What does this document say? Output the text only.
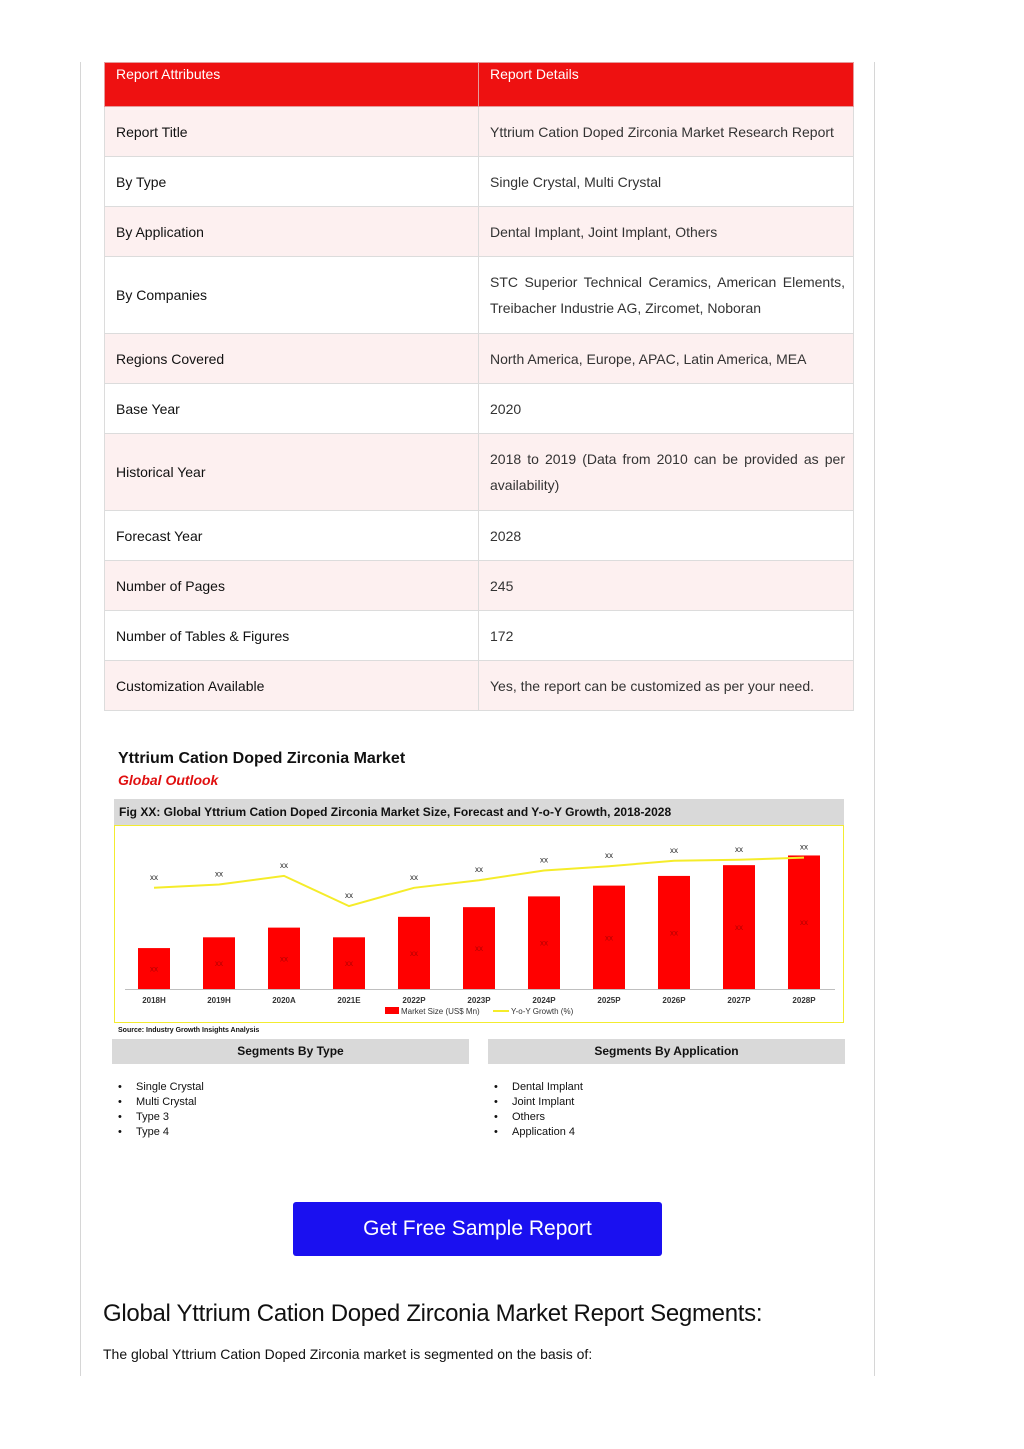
Report Attributes	Report Details
Report Title	Yttrium Cation Doped Zirconia Market Research Report
By Type	Single Crystal, Multi Crystal
By Application	Dental Implant, Joint Implant, Others
By Companies	STC Superior Technical Ceramics, American Elements, Treibacher Industrie AG, Zircomet, Noboran
Regions Covered	North America, Europe, APAC, Latin America, MEA
Base Year	2020
Historical Year	2018 to 2019 (Data from 2010 can be provided as per availability)
Forecast Year	2028
Number of Pages	245
Number of Tables & Figures	172
Customization Available	Yes, the report can be customized as per your need.
Yttrium Cation Doped Zirconia Market
Global Outlook
Fig XX: Global Yttrium Cation Doped Zirconia Market Size, Forecast and Y-o-Y Growth, 2018-2028
xx
2018H
xx
2019H
xx
2020A
xx
2021E
xx
2022P
xx
2023P
xx
2024P
xx
2025P
xx
2026P
xx
2027P
xx
2028P
xx	xx
xx
xx
xx
xx
xx	xx
xx	xx	xx
Market Size (US$ Mn)	Y-o-Y Growth (%)
Source: Industry Growth Insights Analysis
Segments By Type	Segments By Application
• Single Crystal
• Multi Crystal
• Type 3
• Type 4
• Dental Implant
• Joint Implant
• Others
• Application 4
Get Free Sample Report
Global Yttrium Cation Doped Zirconia Market Report Segments:

The global Yttrium Cation Doped Zirconia market is segmented on the basis of:
